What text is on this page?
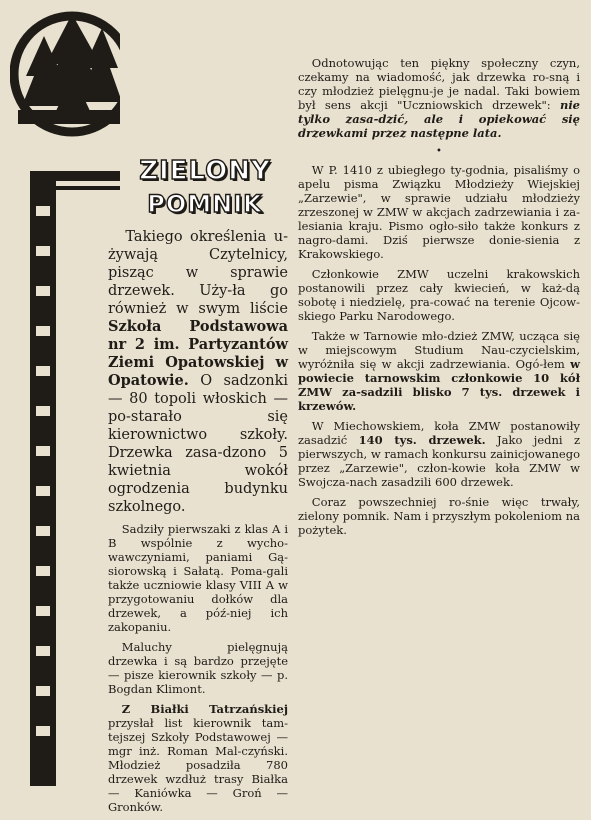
ZIELONY
POMNIK

Takiego określenia u-żywają Czytelnicy, pisząc w sprawie drzewek. Uży-ła go również w swym liście Szkoła Podstawowa nr 2 im. Partyzantów Ziemi Opatowskiej w Opatowie. O sadzonki — 80 topoli włoskich — po-starało się kierownictwo szkoły. Drzewka zasa-dzono 5 kwietnia wokół ogrodzenia budynku szkolnego.

Sadziły pierwszaki z klas A i B wspólnie z wycho-wawczyniami, paniami Gą-siorowską i Sałatą. Poma-gali także uczniowie klasy VIII A w przygotowaniu dołków dla drzewek, a póź-niej ich zakopaniu.

Maluchy pielęgnują drzewka i są bardzo przejęte — pisze kierownik szkoły — p. Bogdan Klimont.

Z Białki Tatrzańskiej przysłał list kierownik tam-tejszej Szkoły Podstawowej — mgr inż. Roman Mal-czyński. Młodzież posadziła 780 drzewek wzdłuż trasy Białka — Kaniówka — Groń — Gronków.

Odnotowując ten piękny społeczny czyn, czekamy na wiadomość, jak drzewka ro-sną i czy młodzież pielęgnu-je je nadal. Taki bowiem był sens akcji "Uczniowskich drzewek": nie tylko zasa-dzić, ale i opiekować się drzewkami przez następne lata.

•

W P. 1410 z ubiegłego ty-godnia, pisaliśmy o apelu pisma Związku Młodzieży Wiejskiej „Zarzewie", w sprawie udziału młodzieży zrzeszonej w ZMW w akcjach zadrzewiania i za-lesiania kraju. Pismo ogło-siło także konkurs z nagro-dami. Dziś pierwsze donie-sienia z Krakowskiego.

Członkowie ZMW uczelni krakowskich postanowili przez cały kwiecień, w każ-dą sobotę i niedzielę, pra-cować na terenie Ojcow-skiego Parku Narodowego.

Także w Tarnowie mło-dzież ZMW, ucząca się w miejscowym Studium Nau-czycielskim, wyróżniła się w akcji zadrzewiania. Ogó-łem w powiecie tarnowskim członkowie 10 kół ZMW za-sadzili blisko 7 tys. drzewek i krzewów.

W Miechowskiem, koła ZMW postanowiły zasadzić 140 tys. drzewek. Jako jedni z pierwszych, w ramach konkursu zainicjowanego przez „Zarzewie", człon-kowie koła ZMW w Swojcza-nach zasadzili 600 drzewek.

Coraz powszechniej ro-śnie więc trwały, zielony pomnik. Nam i przyszłym pokoleniom na pożytek.
